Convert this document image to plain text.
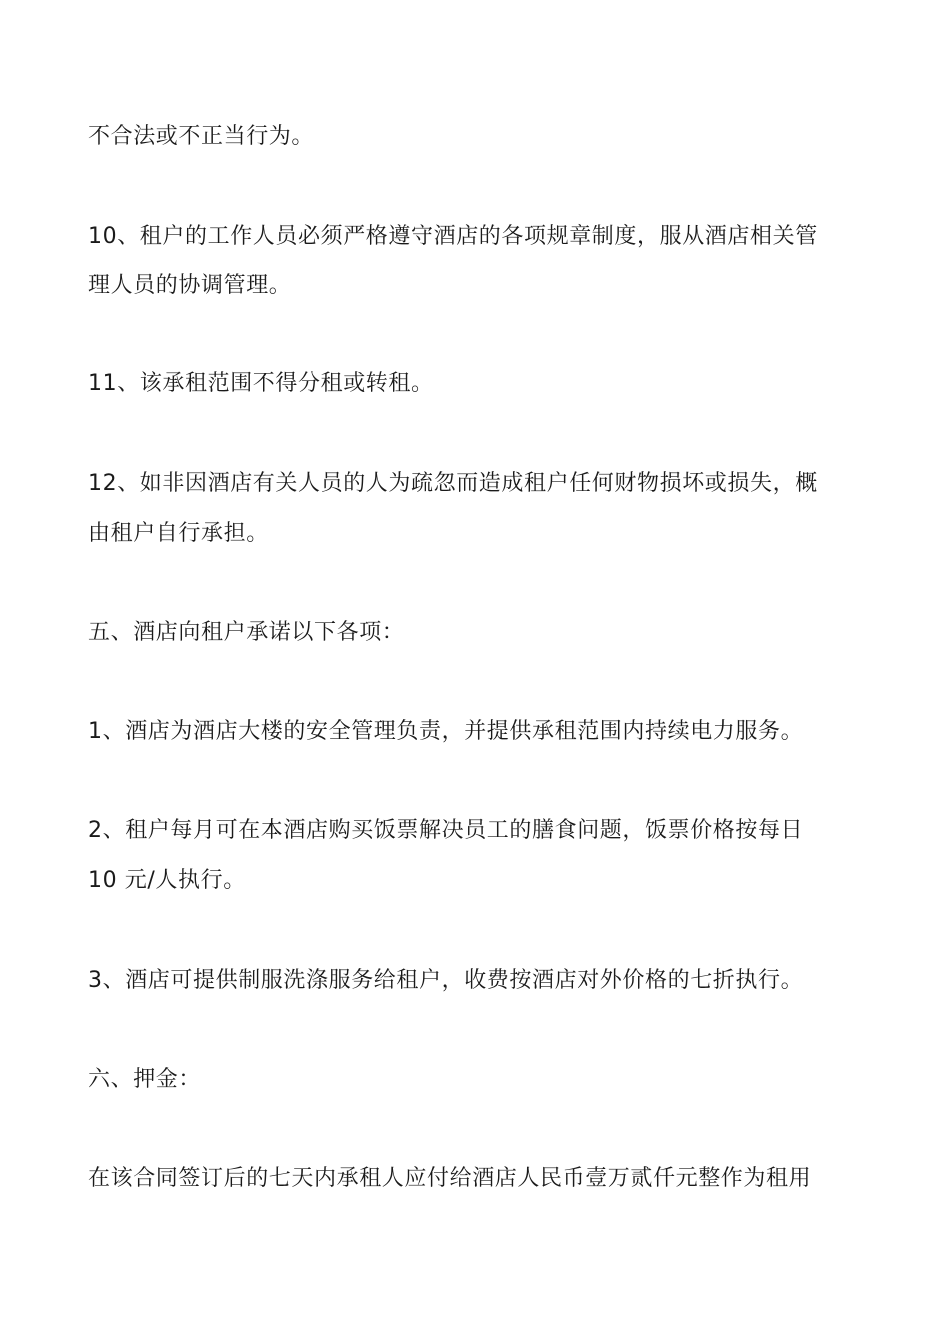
不合法或不正当行为。
10、租户的工作人员必须严格遵守酒店的各项规章制度，服从酒店相关管
理人员的协调管理。
11、该承租范围不得分租或转租。
12、如非因酒店有关人员的人为疏忽而造成租户任何财物损坏或损失，概
由租户自行承担。
五、酒店向租户承诺以下各项：
1、酒店为酒店大楼的安全管理负责，并提供承租范围内持续电力服务。
2、租户每月可在本酒店购买饭票解决员工的膳食问题，饭票价格按每日
10 元/人执行。
3、酒店可提供制服洗涤服务给租户，收费按酒店对外价格的七折执行。
六、押金：
在该合同签订后的七天内承租人应付给酒店人民币壹万贰仟元整作为租用
